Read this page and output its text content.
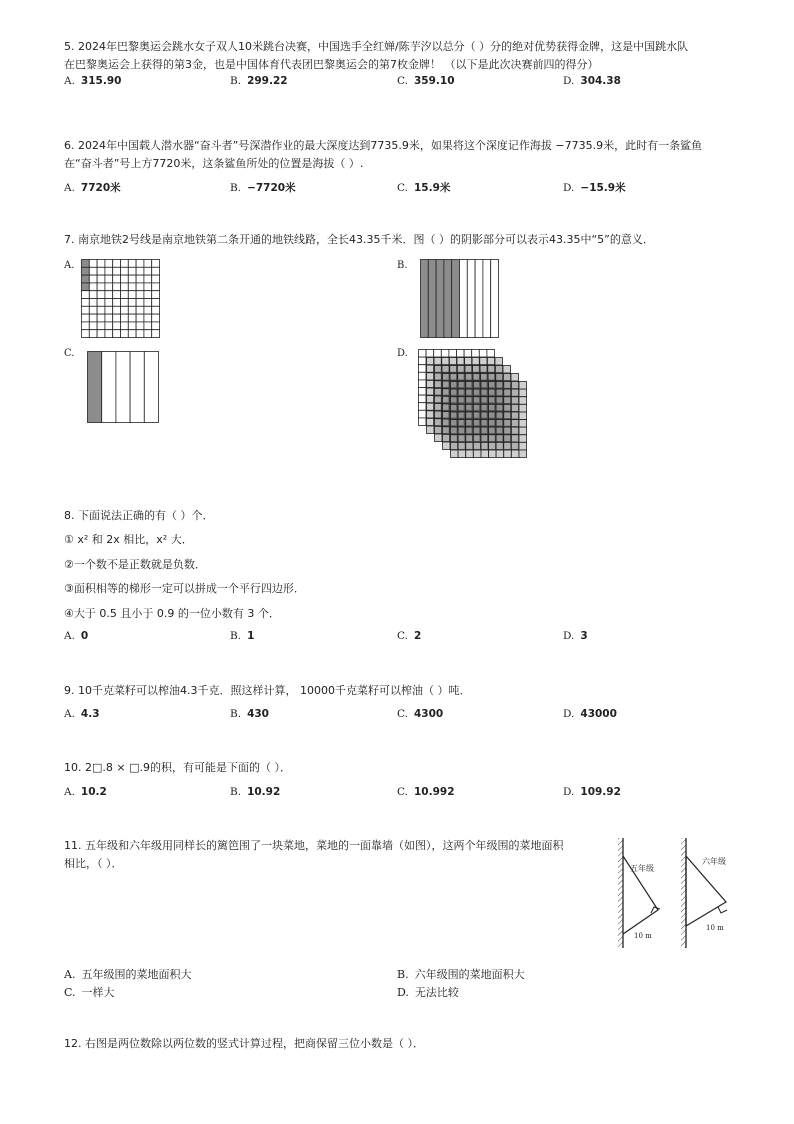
5. 2024年巴黎奥运会跳水女子双人10米跳台决赛，中国选手全红婵/陈芋汐以总分（ ）分的绝对优势获得金牌，这是中国跳水队
在巴黎奥运会上获得的第3金，也是中国体育代表团巴黎奥运会的第7枚金牌！ （以下是此次决赛前四的得分）
A. 315.90	B. 299.22	C. 359.10	D. 304.38
6. 2024年中国载人潜水器“奋斗者”号深潜作业的最大深度达到7735.9米，如果将这个深度记作海拔 −7735.9米，此时有一条鲨鱼
在“奋斗者”号上方7720米，这条鲨鱼所处的位置是海拔（ ）.
A. 7720米	B. −7720米	C. 15.9米	D. −15.9米
7. 南京地铁2号线是南京地铁第二条开通的地铁线路，全长43.35千米．图（ ）的阴影部分可以表示43.35中“5”的意义．
A.	B.
C.	D.
8. 下面说法正确的有（ ）个．
① x² 和 2x 相比，x² 大．
②一个数不是正数就是负数．
③面积相等的梯形一定可以拼成一个平行四边形．
④大于 0.5 且小于 0.9 的一位小数有 3 个．
A. 0	B. 1	C. 2	D. 3
9. 10千克菜籽可以榨油4.3千克．照这样计算， 10000千克菜籽可以榨油（ ）吨．
A. 4.3	B. 430	C. 4300	D. 43000
10. 2□.8 × □.9的积，有可能是下面的（ ）．
A. 10.2	B. 10.92	C. 10.992	D. 109.92
11. 五年级和六年级用同样长的篱笆围了一块菜地，菜地的一面靠墙（如图），这两个年级围的菜地面积
相比，（ ）．	五年级
10 m
六年级
10 m
A. 五年级围的菜地面积大	B. 六年级围的菜地面积大
C. 一样大	D. 无法比较
12. 右图是两位数除以两位数的竖式计算过程，把商保留三位小数是（ ）．
